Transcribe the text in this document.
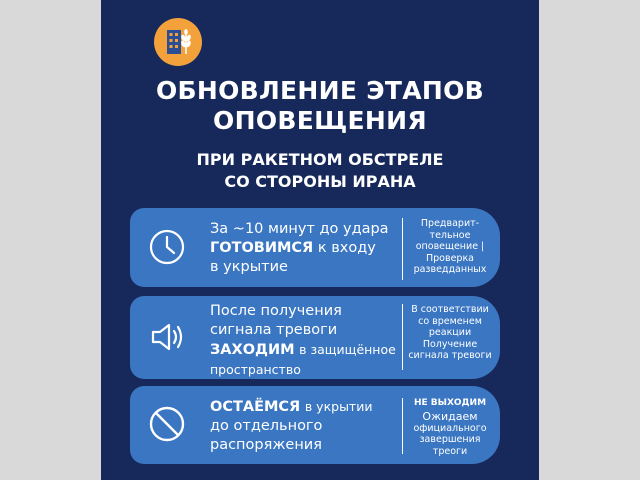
ОБНОВЛЕНИЕ ЭТАПОВ
ОПОВЕЩЕНИЯ
ПРИ РАКЕТНОМ ОБСТРЕЛЕ
СО СТОРОНЫ ИРАНА
За ~10 минут до удара
ГОТОВИМСЯ к входу
в укрытие
Предварит-
тельное
оповещение |
Проверка
разведданных
После получения
сигнала тревоги
ЗАХОДИМ в защищённое
пространство
В соответствии
со временем
реакции
Получение
сигнала тревоги
ОСТАЁМСЯ в укрытии
до отдельного
распоряжения
НЕ ВЫХОДИМ
Ожидаем
официального
завершения треоги
